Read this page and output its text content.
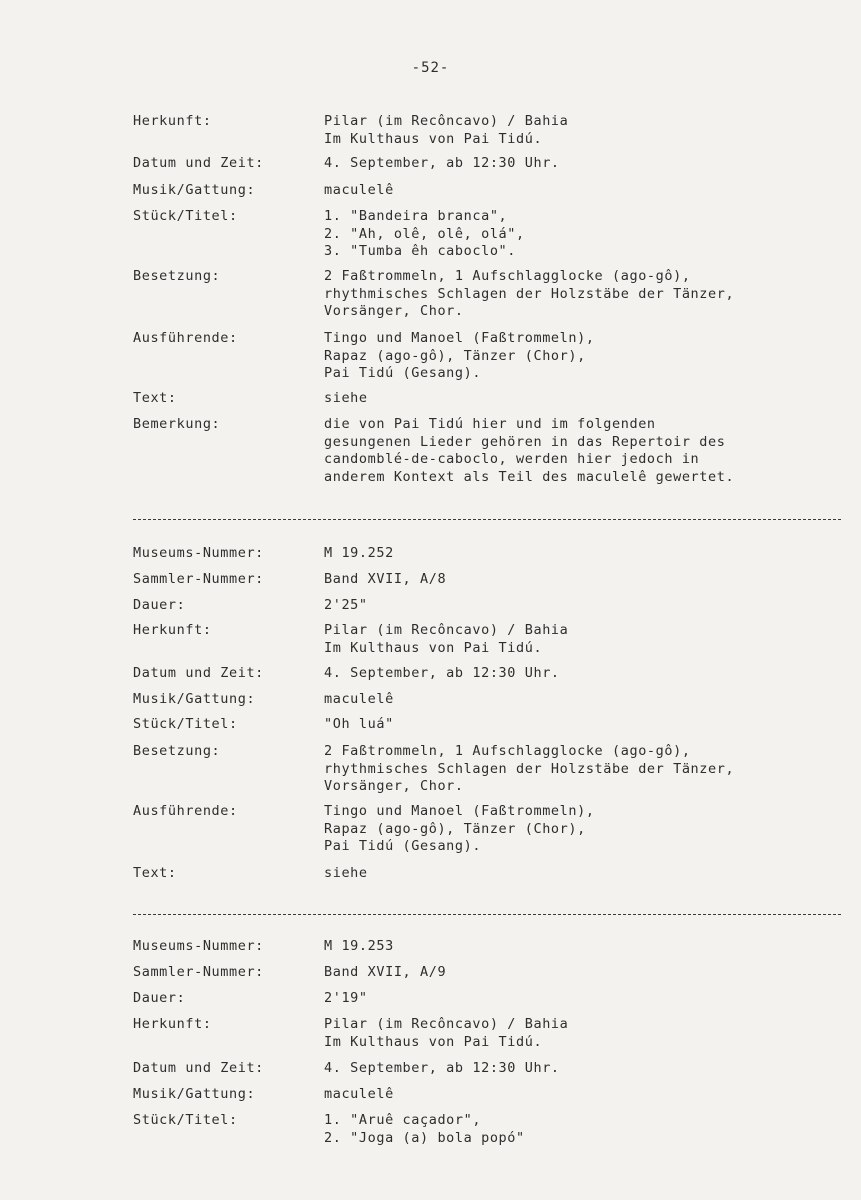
-52-
Herkunft:	Pilar (im Recôncavo) / Bahia
Im Kulthaus von Pai Tidú.
Datum und Zeit:	4. September, ab 12:30 Uhr.
Musik/Gattung:	maculelê
Stück/Titel:	1. "Bandeira branca",
2. "Ah, olê, olê, olá",
3. "Tumba êh caboclo".
Besetzung:	2 Faßtrommeln, 1 Aufschlagglocke (ago-gô),
rhythmisches Schlagen der Holzstäbe der Tänzer,
Vorsänger, Chor.
Ausführende:	Tingo und Manoel (Faßtrommeln),
Rapaz (ago-gô), Tänzer (Chor),
Pai Tidú (Gesang).
Text:	siehe
Bemerkung:	die von Pai Tidú hier und im folgenden
gesungenen Lieder gehören in das Repertoir des
candomblé-de-caboclo, werden hier jedoch in
anderem Kontext als Teil des maculelê gewertet.
Museums-Nummer:	M 19.252
Sammler-Nummer:	Band XVII, A/8
Dauer:	2'25"
Herkunft:	Pilar (im Recôncavo) / Bahia
Im Kulthaus von Pai Tidú.
Datum und Zeit:	4. September, ab 12:30 Uhr.
Musik/Gattung:	maculelê
Stück/Titel:	"Oh luá"
Besetzung:	2 Faßtrommeln, 1 Aufschlagglocke (ago-gô),
rhythmisches Schlagen der Holzstäbe der Tänzer,
Vorsänger, Chor.
Ausführende:	Tingo und Manoel (Faßtrommeln),
Rapaz (ago-gô), Tänzer (Chor),
Pai Tidú (Gesang).
Text:	siehe
Museums-Nummer:	M 19.253
Sammler-Nummer:	Band XVII, A/9
Dauer:	2'19"
Herkunft:	Pilar (im Recôncavo) / Bahia
Im Kulthaus von Pai Tidú.
Datum und Zeit:	4. September, ab 12:30 Uhr.
Musik/Gattung:	maculelê
Stück/Titel:	1. "Aruê caçador",
2. "Joga (a) bola popó"
